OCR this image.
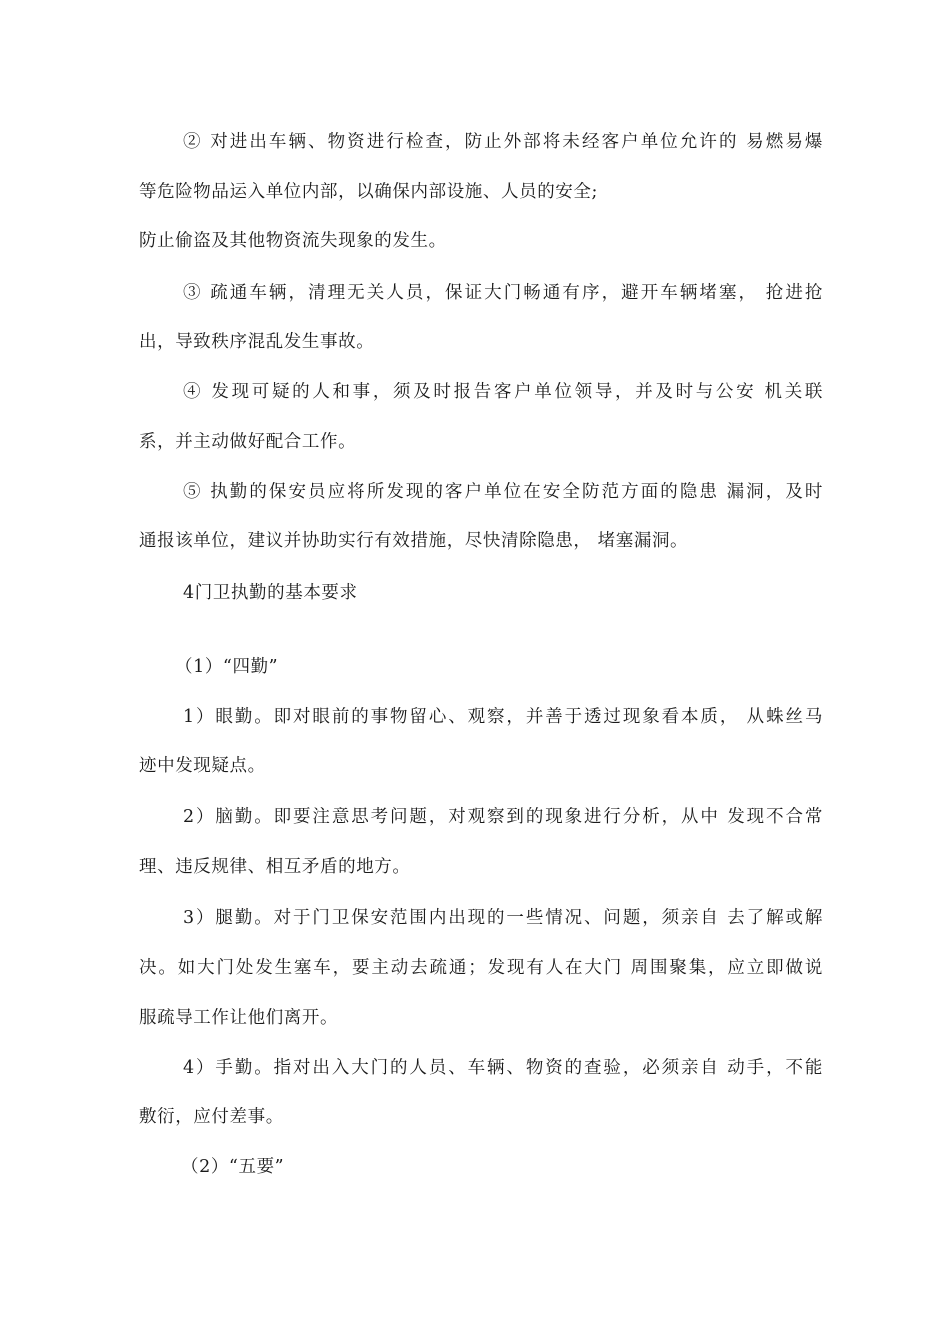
② 对进出车辆、物资进行检查，防止外部将未经客户单位允许的 易燃易爆
等危险物品运入单位内部，以确保内部设施、人员的安全;
防止偷盗及其他物资流失现象的发生。
③ 疏通车辆，清理无关人员，保证大门畅通有序，避开车辆堵塞， 抢进抢
出，导致秩序混乱发生事故。
④ 发现可疑的人和事，须及时报告客户单位领导，并及时与公安 机关联
系，并主动做好配合工作。
⑤ 执勤的保安员应将所发现的客户单位在安全防范方面的隐患 漏洞，及时
通报该单位，建议并协助实行有效措施，尽快清除隐患， 堵塞漏洞。
4门卫执勤的基本要求
（1）“四勤”
1）眼勤。即对眼前的事物留心、观察，并善于透过现象看本质， 从蛛丝马
迹中发现疑点。
2）脑勤。即要注意思考问题，对观察到的现象进行分析，从中 发现不合常
理、违反规律、相互矛盾的地方。
3）腿勤。对于门卫保安范围内出现的一些情况、问题，须亲自 去了解或解
决。如大门处发生塞车，要主动去疏通；发现有人在大门 周围聚集，应立即做说
服疏导工作让他们离开。
4）手勤。指对出入大门的人员、车辆、物资的查验，必须亲自 动手，不能
敷衍，应付差事。
（2）“五要”
